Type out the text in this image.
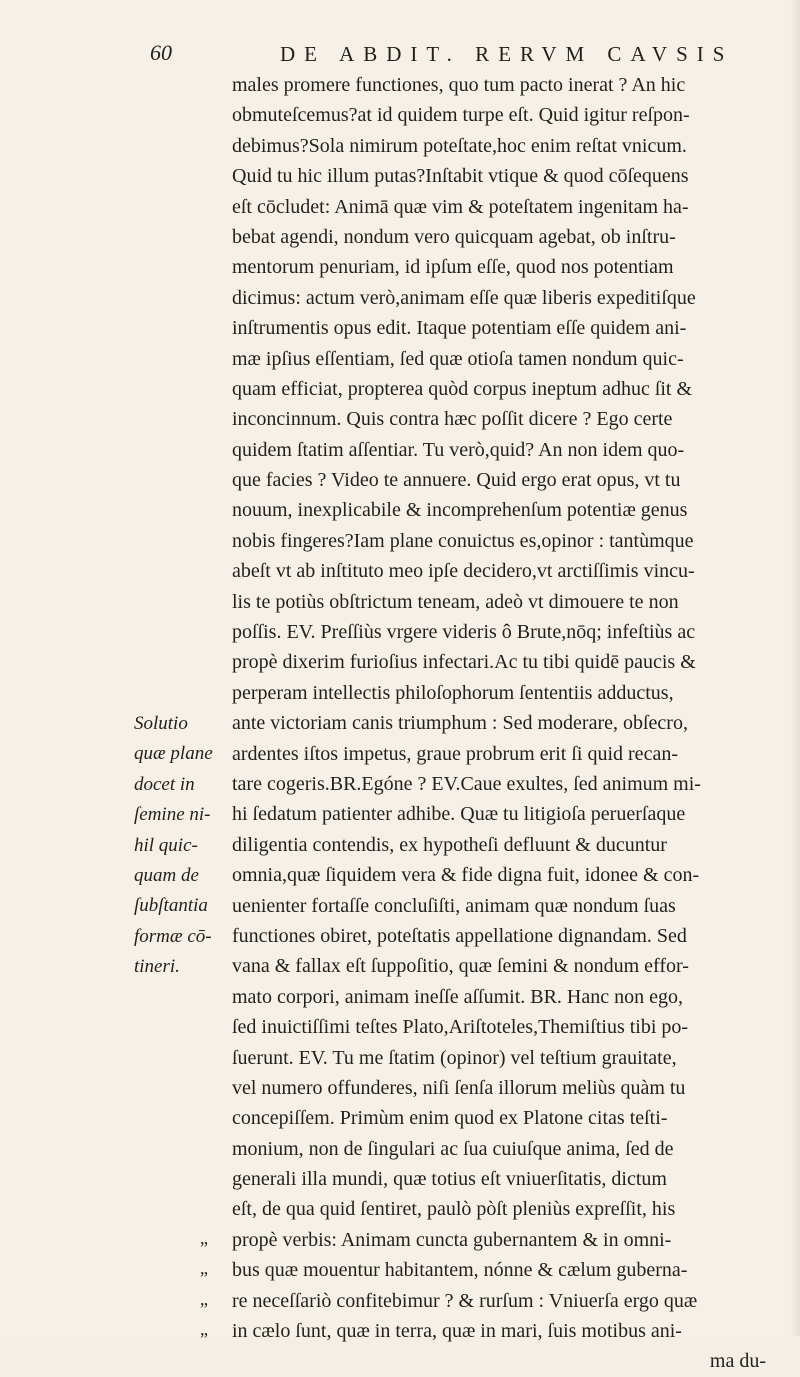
60	DE ABDIT. RERVM CAVSIS
Solutio
quæ plane
docet in
ſemine ni-
hil quic-
quam de
ſubſtantia
formæ cō-
tineri.
„
„
„
„
males promere functiones, quo tum pacto inerat ? An hic
obmuteſcemus?at id quidem turpe eſt. Quid igitur reſpon-
debimus?Sola nimirum poteſtate,hoc enim reſtat vnicum.
Quid tu hic illum putas?Inſtabit vtique & quod cōſequens
eſt cōcludet: Animā quæ vim & poteſtatem ingenitam ha-
bebat agendi, nondum vero quicquam agebat, ob inſtru-
mentorum penuriam, id ipſum eſſe, quod nos potentiam
dicimus: actum verò,animam eſſe quæ liberis expeditiſque
inſtrumentis opus edit. Itaque potentiam eſſe quidem ani-
mæ ipſius eſſentiam, ſed quæ otioſa tamen nondum quic-
quam efficiat, propterea quòd corpus ineptum adhuc ſit &
inconcinnum. Quis contra hæc poſſit dicere ? Ego certe
quidem ſtatim aſſentiar. Tu verò,quid? An non idem quo-
que facies ? Video te annuere. Quid ergo erat opus, vt tu
nouum, inexplicabile & incomprehenſum potentiæ genus
nobis fingeres?Iam plane conuictus es,opinor : tantùmque
abeſt vt ab inſtituto meo ipſe deciderо,vt arctiſſimis vincu-
lis te potiùs obſtrictum teneam, adeò vt dimouere te non
poſſis. EV. Preſſiùs vrgere videris ô Brute,nōq; infeſtiùs ac
propè dixerim furioſius infectari.Ac tu tibi quidē paucis &
perperam intellectis philoſophorum ſententiis adductus,
ante victoriam canis triumphum : Sed moderare, obſecro,
ardentes iſtos impetus, graue probrum erit ſi quid recan-
tare cogeris.BR.Egóne ? EV.Caue exultes, ſed animum mi-
hi ſedatum patienter adhibe. Quæ tu litigioſa peruerſaque
diligentia contendis, ex hypotheſi defluunt & ducuntur
omnia,quæ ſiquidem vera & fide digna fuit, idonee & con-
uenienter fortaſſe concluſiſti, animam quæ nondum ſuas
functiones obiret, poteſtatis appellatione dignandam. Sed
vana & fallax eſt ſuppoſitio, quæ ſemini & nondum effor-
mato corpori, animam ineſſe aſſumit. BR. Hanc non ego,
ſed inuictiſſimi teſtes Plato,Ariſtoteles,Themiſtius tibi po-
ſuerunt. EV. Tu me ſtatim (opinor) vel teſtium grauitate,
vel numero offunderes, niſi ſenſa illorum meliùs quàm tu
concepiſſem. Primùm enim quod ex Platone citas teſti-
monium, non de ſingulari ac ſua cuiuſque anima, ſed de
generali illa mundi, quæ totius eſt vniuerſitatis, dictum
eſt, de qua quid ſentiret, paulò pòſt pleniùs expreſſit, his
propè verbis: Animam cuncta gubernantem & in omni-
bus quæ mouentur habitantem, nónne & cælum guberna-
re neceſſariò confitebimur ? & rurſum : Vniuerſa ergo quæ
in cælo ſunt, quæ in terra, quæ in mari, ſuis motibus ani-
ma du-
